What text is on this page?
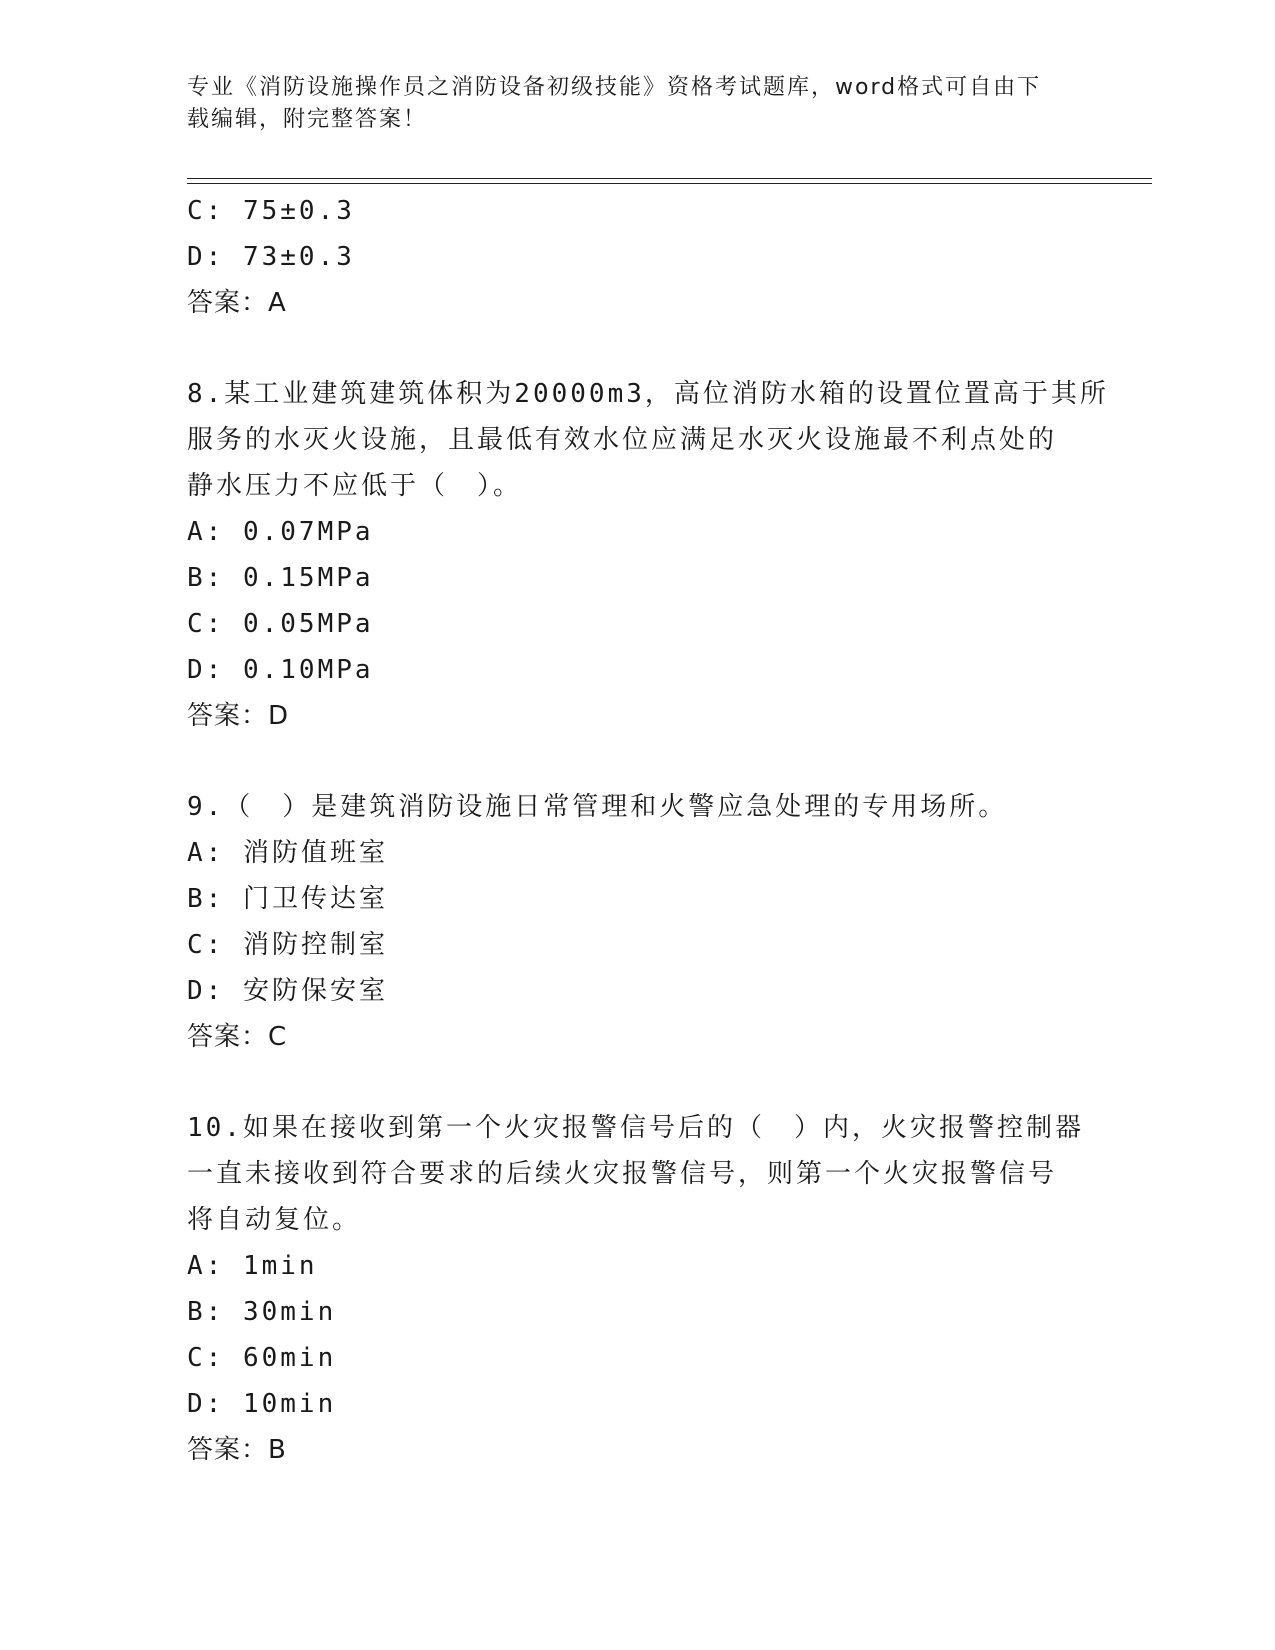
专业《消防设施操作员之消防设备初级技能》资格考试题库，word格式可自由下
载编辑，附完整答案！
C: 75±0.3
D: 73±0.3
答案：A
8.某工业建筑建筑体积为20000m3，高位消防水箱的设置位置高于其所
服务的水灭火设施，且最低有效水位应满足水灭火设施最不利点处的
静水压力不应低于（　）。
A: 0.07MPa
B: 0.15MPa
C: 0.05MPa
D: 0.10MPa
答案：D
9.（　）是建筑消防设施日常管理和火警应急处理的专用场所。
A: 消防值班室
B: 门卫传达室
C: 消防控制室
D: 安防保安室
答案：C
10.如果在接收到第一个火灾报警信号后的（　）内，火灾报警控制器
一直未接收到符合要求的后续火灾报警信号，则第一个火灾报警信号
将自动复位。
A: 1min
B: 30min
C: 60min
D: 10min
答案：B
